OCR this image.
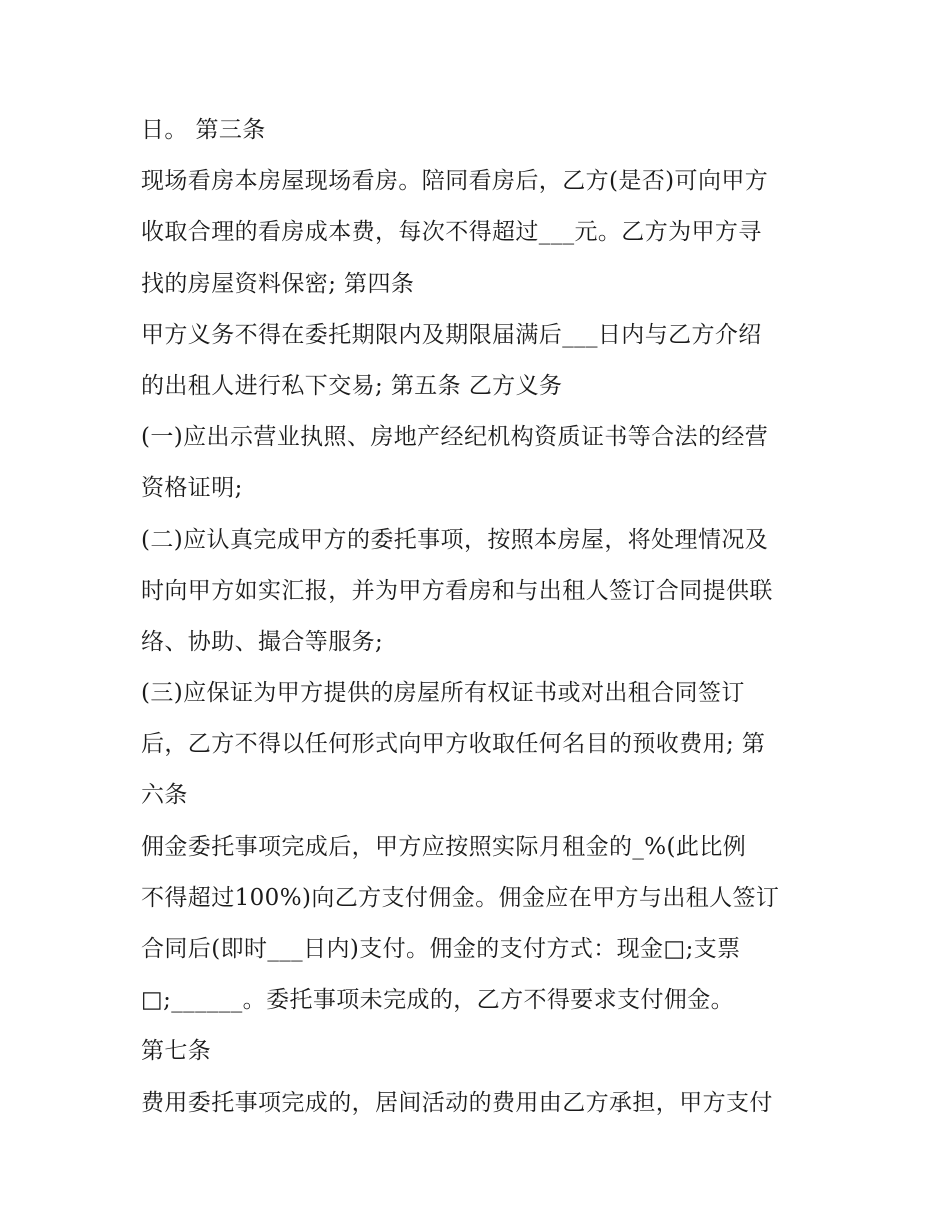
日。 第三条
现场看房本房屋现场看房。陪同看房后，乙方(是否)可向甲方
收取合理的看房成本费，每次不得超过___元。乙方为甲方寻
找的房屋资料保密; 第四条
甲方义务不得在委托期限内及期限届满后___日内与乙方介绍
的出租人进行私下交易; 第五条 乙方义务
(一)应出示营业执照、房地产经纪机构资质证书等合法的经营
资格证明;
(二)应认真完成甲方的委托事项，按照本房屋，将处理情况及
时向甲方如实汇报，并为甲方看房和与出租人签订合同提供联
络、协助、撮合等服务;
(三)应保证为甲方提供的房屋所有权证书或对出租合同签订
后，乙方不得以任何形式向甲方收取任何名目的预收费用; 第
六条
佣金委托事项完成后，甲方应按照实际月租金的_%(此比例
不得超过100%)向乙方支付佣金。佣金应在甲方与出租人签订
合同后(即时___日内)支付。佣金的支付方式：现金□;支票
□;______。委托事项未完成的，乙方不得要求支付佣金。
第七条
费用委托事项完成的，居间活动的费用由乙方承担，甲方支付
